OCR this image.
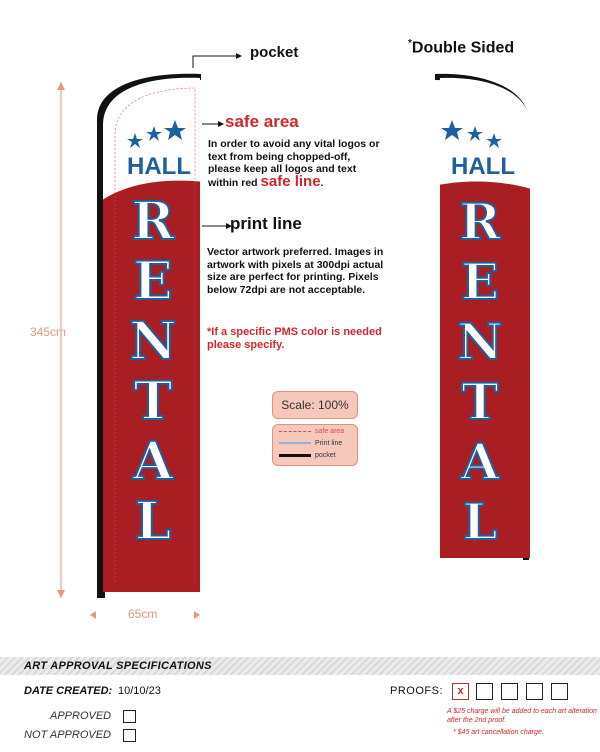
HALL	HALL
R
E
N
T
A
L
R
E
N
T
A
L
pocket
*Double Sided
safe area
In order to avoid any vital logos or text from being chopped-off, please keep all logos and text within red safe line.
print line
Vector artwork preferred. Images in artwork with pixels at 300dpi actual size are perfect for printing. Pixels below 72dpi are not acceptable.
*If a specific PMS color is needed please specify.
345cm
65cm
Scale: 100%
safe area
Print line
pocket
ART APPROVAL SPECIFICATIONS
DATE CREATED: 10/10/23
APPROVED
NOT APPROVED
PROOFS:	x
A $25 charge will be added to each art alteration after the 2nd proof.
* $45 art cancellation charge.
